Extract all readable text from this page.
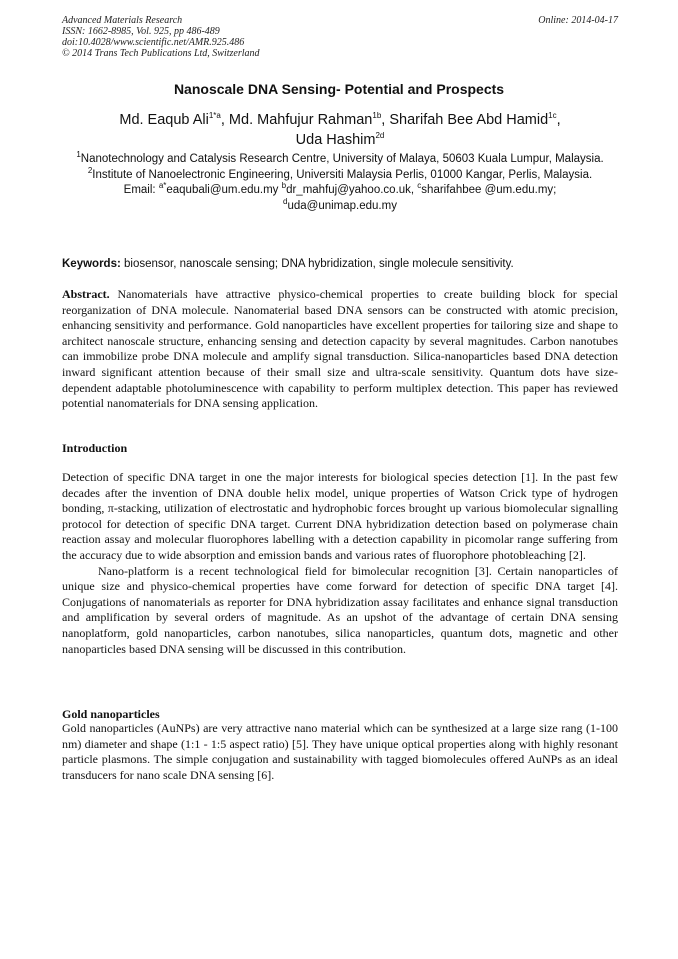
Advanced Materials Research
ISSN: 1662-8985, Vol. 925, pp 486-489
doi:10.4028/www.scientific.net/AMR.925.486
© 2014 Trans Tech Publications Ltd, Switzerland
Online: 2014-04-17
Nanoscale DNA Sensing- Potential and Prospects
Md. Eaqub Ali$^{1*a}$, Md. Mahfujur Rahman$^{1b}$, Sharifah Bee Abd Hamid$^{1c}$,
Uda Hashim$^{2d}$
$^1$Nanotechnology and Catalysis Research Centre, University of Malaya, 50603 Kuala Lumpur, Malaysia.
$^2$Institute of Nanoelectronic Engineering, Universiti Malaysia Perlis, 01000 Kangar, Perlis, Malaysia.
Email: $^{a*}$eaqubali@um.edu.my $^b$dr_mahfuj@yahoo.co.uk, $^c$sharifahbee @um.edu.my;
$^d$uda@unimap.edu.my
Keywords: biosensor, nanoscale sensing; DNA hybridization, single molecule sensitivity.

Abstract. Nanomaterials have attractive physico-chemical properties to create building block for special reorganization of DNA molecule. Nanomaterial based DNA sensors can be constructed with atomic precision, enhancing sensitivity and performance. Gold nanoparticles have excellent properties for tailoring size and shape to architect nanoscale structure, enhancing sensing and detection capacity by several magnitudes. Carbon nanotubes can immobilize probe DNA molecule and amplify signal transduction. Silica-nanoparticles based DNA detection inward significant attention because of their small size and ultra-scale sensitivity. Quantum dots have size-dependent adaptable photoluminescence with capability to perform multiplex detection. This paper has reviewed potential nanomaterials for DNA sensing application.

Introduction

Detection of specific DNA target in one the major interests for biological species detection [1]. In the past few decades after the invention of DNA double helix model, unique properties of Watson Crick type of hydrogen bonding, π-stacking, utilization of electrostatic and hydrophobic forces brought up various biomolecular signalling protocol for detection of specific DNA target. Current DNA hybridization detection based on polymerase chain reaction assay and molecular fluorophores labelling with a detection capability in picomolar range suffering from the accuracy due to wide absorption and emission bands and various rates of fluorophore photobleaching [2].

Nano-platform is a recent technological field for bimolecular recognition [3]. Certain nanoparticles of unique size and physico-chemical properties have come forward for detection of specific DNA target [4]. Conjugations of nanomaterials as reporter for DNA hybridization assay facilitates and enhance signal transduction and amplification by several orders of magnitude. As an upshot of the advantage of certain DNA sensing nanoplatform, gold nanoparticles, carbon nanotubes, silica nanoparticles, quantum dots, magnetic and other nanoparticles based DNA sensing will be discussed in this contribution.

Gold nanoparticles

Gold nanoparticles (AuNPs) are very attractive nano material which can be synthesized at a large size rang (1-100 nm) diameter and shape (1:1 - 1:5 aspect ratio) [5]. They have unique optical properties along with highly resonant particle plasmons. The simple conjugation and sustainability with tagged biomolecules offered AuNPs as an ideal transducers for nano scale DNA sensing [6].
